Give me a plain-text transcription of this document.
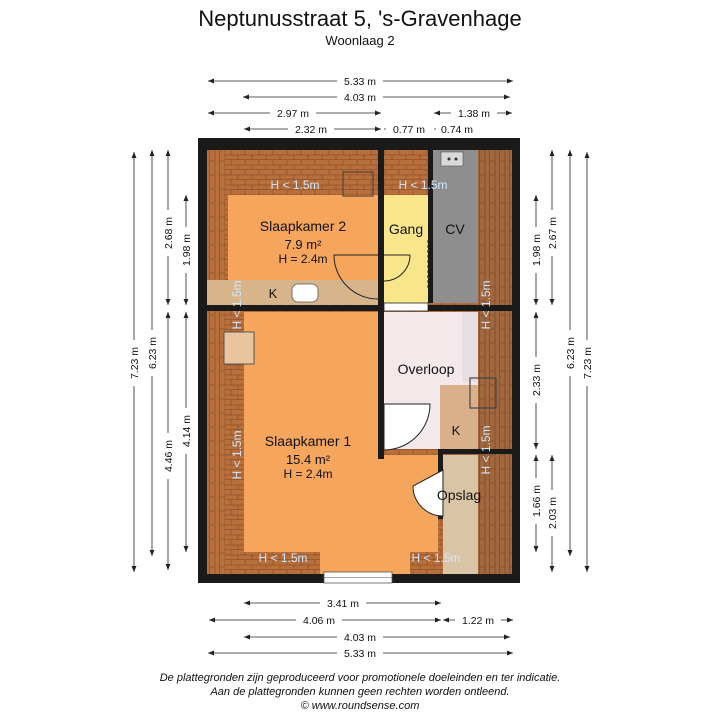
Neptunusstraat 5, 's-Gravenhage
Woonlaag 2
Slaapkamer 2
7.9 m²
H = 2.4m
K
Gang CV
Overloop
K
Slaapkamer 1
15.4 m²
H = 2.4m
Opslag
H < 1.5m	H < 1.5m
H < 1.5m	H < 1.5m
H < 1.5m
H < 1.5m
H < 1.5m
H < 1.5m
5.33 m
4.03 m
2.97 m	1.38 m
2.32 m	0.77 m 0.74 m
3.41 m
4.06 m	1.22 m
4.03 m
5.33 m
7.23 m 6.23 m
2.68 m
1.98 m
4.46 m
4.14 m
1.98 m
2.67 m
2.33 m
6.23 m 7.23 m
1.66 m 2.03 m
De plattegronden zijn geproduceerd voor promotionele doeleinden en ter indicatie.
Aan de plattegronden kunnen geen rechten worden ontleend.
© www.roundsense.com
